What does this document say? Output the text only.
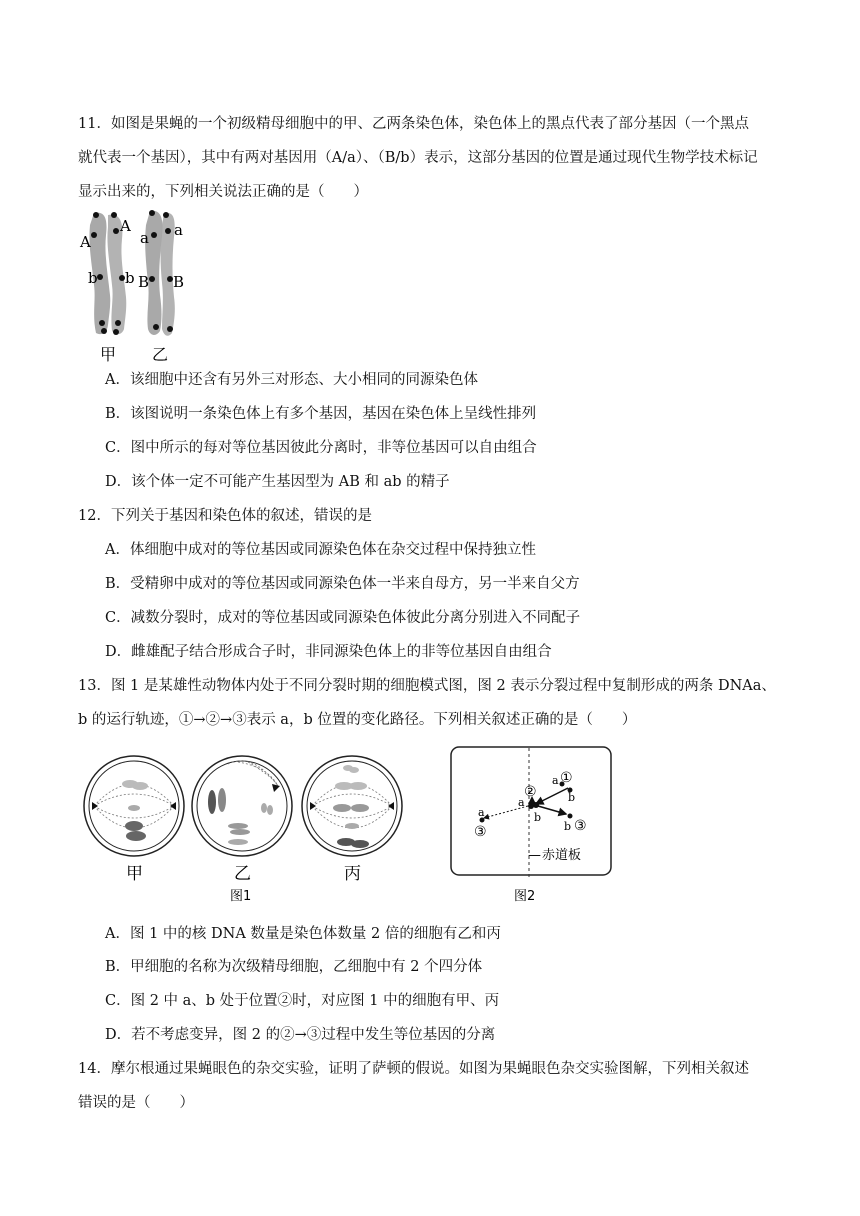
11．如图是果蝇的一个初级精母细胞中的甲、乙两条染色体，染色体上的黑点代表了部分基因（一个黑点
就代表一个基因），其中有两对基因用（A/a）、（B/b）表示，这部分基因的位置是通过现代生物学技术标记
显示出来的，下列相关说法正确的是（　　）
A
A
b b
a a
B B
甲 乙
A．该细胞中还含有另外三对形态、大小相同的同源染色体
B．该图说明一条染色体上有多个基因，基因在染色体上呈线性排列
C．图中所示的每对等位基因彼此分离时，非等位基因可以自由组合
D．该个体一定不可能产生基因型为 AB 和 ab 的精子
12．下列关于基因和染色体的叙述，错误的是
A．体细胞中成对的等位基因或同源染色体在杂交过程中保持独立性
B．受精卵中成对的等位基因或同源染色体一半来自母方，另一半来自父方
C．减数分裂时，成对的等位基因或同源染色体彼此分离分别进入不同配子
D．雌雄配子结合形成合子时，非同源染色体上的非等位基因自由组合
13．图 1 是某雄性动物体内处于不同分裂时期的细胞模式图，图 2 表示分裂过程中复制形成的两条 DNAa、
b 的运行轨迹，①→②→③表示 a，b 位置的变化路径。下列相关叙述正确的是（　　）
甲	乙	丙
图1
a ①
b
②
a
b
a
③	b ③
— 赤道板
图2
A．图 1 中的核 DNA 数量是染色体数量 2 倍的细胞有乙和丙
B．甲细胞的名称为次级精母细胞，乙细胞中有 2 个四分体
C．图 2 中 a、b 处于位置②时，对应图 1 中的细胞有甲、丙
D．若不考虑变异，图 2 的②→③过程中发生等位基因的分离
14．摩尔根通过果蝇眼色的杂交实验，证明了萨顿的假说。如图为果蝇眼色杂交实验图解，下列相关叙述
错误的是（　　）
